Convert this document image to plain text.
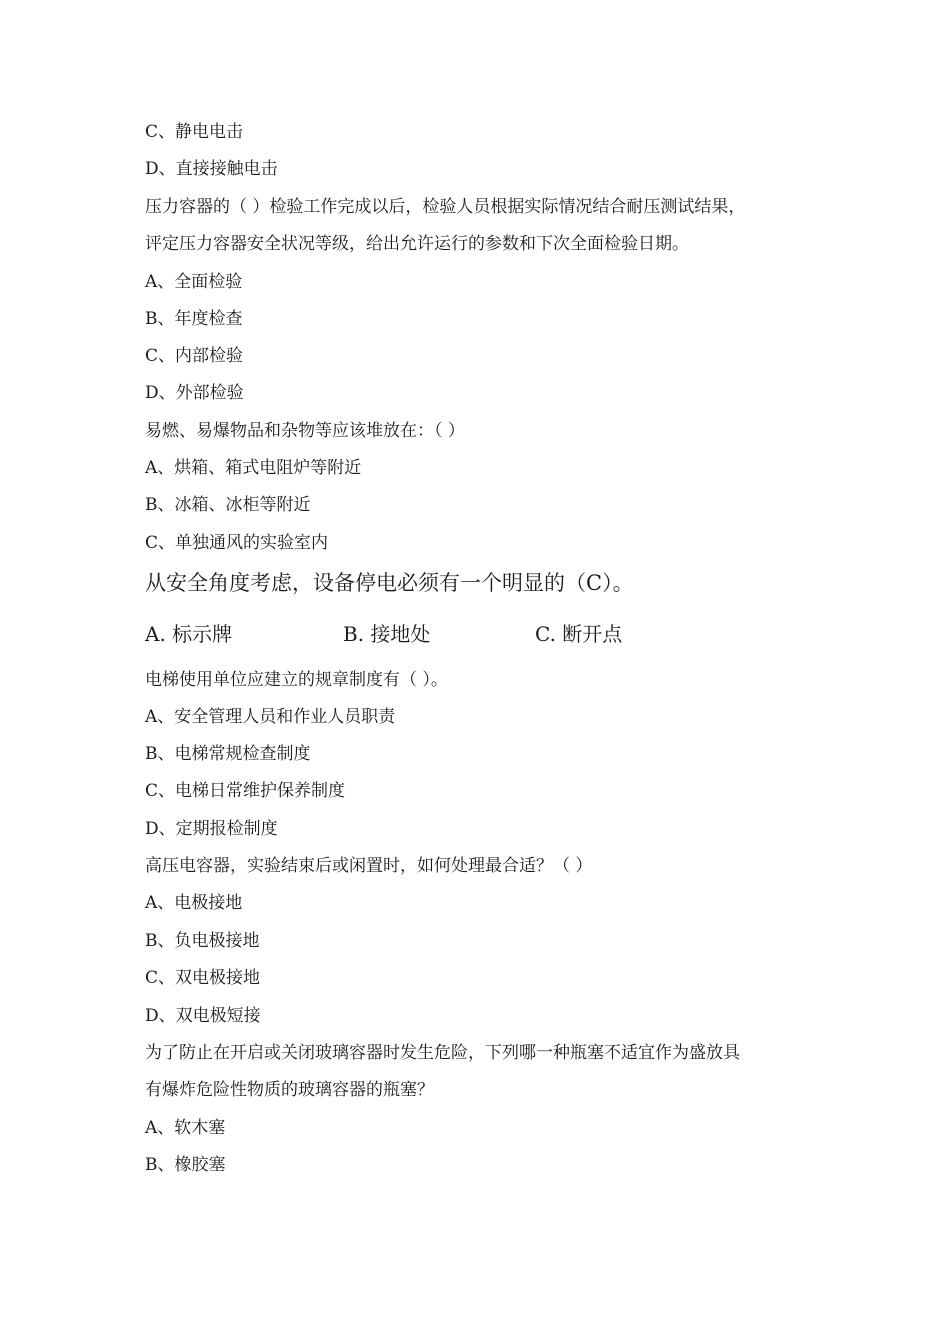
C、静电电击
D、直接接触电击
压力容器的（ ）检验工作完成以后，检验人员根据实际情况结合耐压测试结果，
评定压力容器安全状况等级，给出允许运行的参数和下次全面检验日期。
A、全面检验
B、年度检查
C、内部检验
D、外部检验
易燃、易爆物品和杂物等应该堆放在：（ ）
A、烘箱、箱式电阻炉等附近
B、冰箱、冰柜等附近
C、单独通风的实验室内
从安全角度考虑，设备停电必须有一个明显的（C）。
A. 标示牌	B. 接地处	C. 断开点
电梯使用单位应建立的规章制度有（ ）。
A、安全管理人员和作业人员职责
B、电梯常规检查制度
C、电梯日常维护保养制度
D、定期报检制度
高压电容器，实验结束后或闲置时，如何处理最合适？（ ）
A、电极接地
B、负电极接地
C、双电极接地
D、双电极短接
为了防止在开启或关闭玻璃容器时发生危险，下列哪一种瓶塞不适宜作为盛放具
有爆炸危险性物质的玻璃容器的瓶塞？
A、软木塞
B、橡胶塞
